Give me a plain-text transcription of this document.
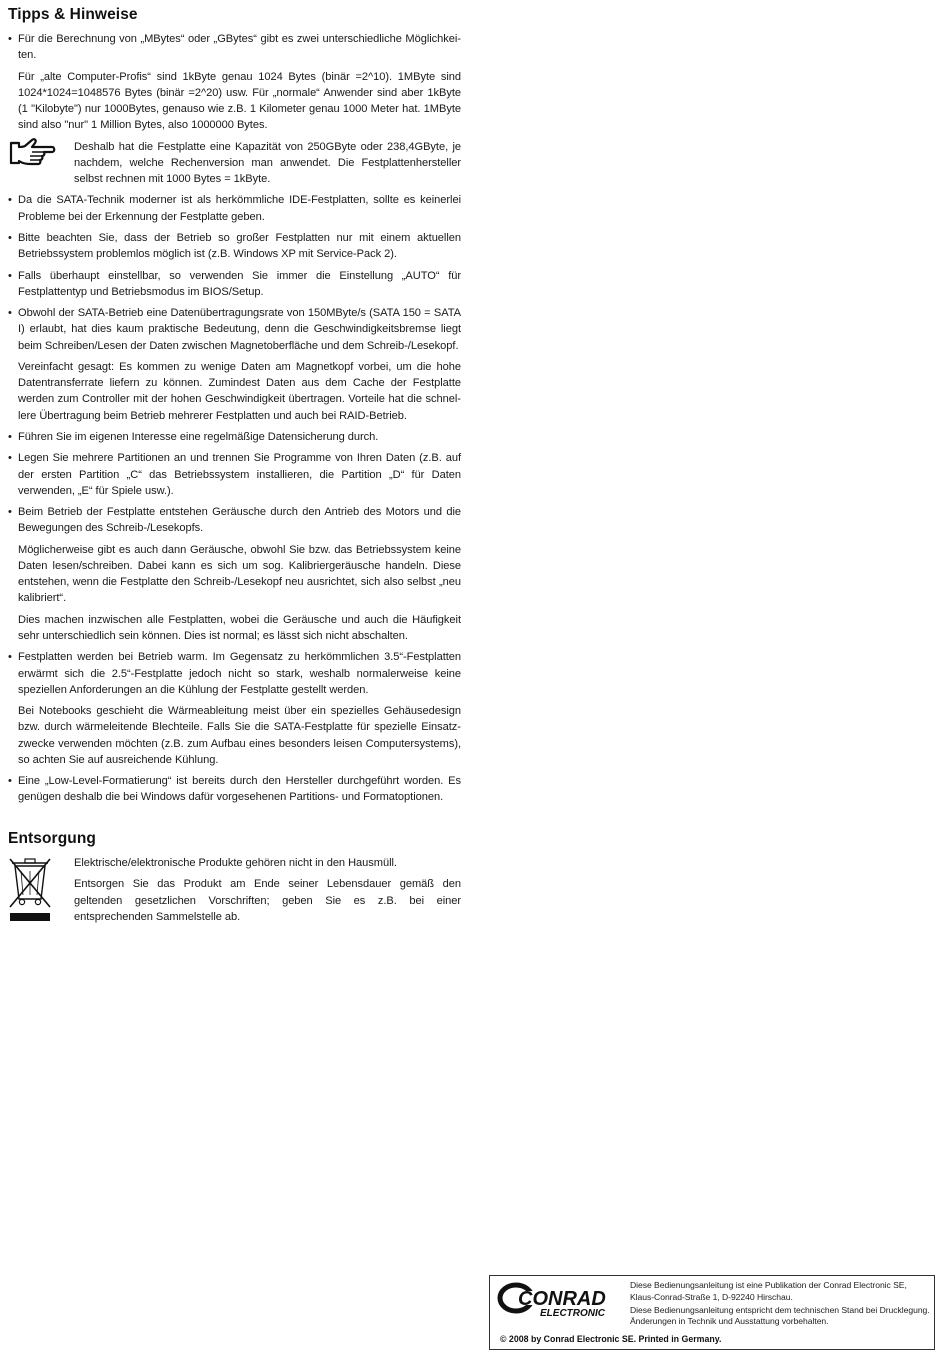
Tipps & Hinweise

• Für die Berechnung von „MBytes“ oder „GBytes“ gibt es zwei unterschiedliche Möglichkeiten.

Für „alte Computer-Profis“ sind 1kByte genau 1024 Bytes (binär =2^10). 1MByte sind 1024*1024=1048576 Bytes (binär =2^20) usw. Für „normale“ Anwender sind aber 1kByte (1 "Kilobyte") nur 1000Bytes, genauso wie z.B. 1 Kilometer genau 1000 Meter hat. 1MByte sind also "nur" 1 Million Bytes, also 1000000 Bytes.

Deshalb hat die Festplatte eine Kapazität von 250GByte oder 238,4GByte, je nachdem, welche Rechenversion man anwendet. Die Festplattenhersteller selbst rechnen mit 1000 Bytes = 1kByte.

• Da die SATA-Technik moderner ist als herkömmliche IDE-Festplatten, sollte es keinerlei Probleme bei der Erkennung der Festplatte geben.

• Bitte beachten Sie, dass der Betrieb so großer Festplatten nur mit einem aktuellen Betriebssystem problemlos möglich ist (z.B. Windows XP mit Service-Pack 2).

• Falls überhaupt einstellbar, so verwenden Sie immer die Einstellung „AUTO“ für Festplattentyp und Betriebsmodus im BIOS/Setup.

• Obwohl der SATA-Betrieb eine Datenübertragungsrate von 150MByte/s (SATA 150 = SATA I) erlaubt, hat dies kaum praktische Bedeutung, denn die Geschwindigkeitsbremse liegt beim Schreiben/Lesen der Daten zwischen Magnetoberfläche und dem Schreib-/Lesekopf.

Vereinfacht gesagt: Es kommen zu wenige Daten am Magnetkopf vorbei, um die hohe Datentransferrate liefern zu können. Zumindest Daten aus dem Cache der Festplatte werden zum Controller mit der hohen Geschwindigkeit übertragen. Vorteile hat die schnellere Übertragung beim Betrieb mehrerer Festplatten und auch bei RAID-Betrieb.

• Führen Sie im eigenen Interesse eine regelmäßige Datensicherung durch.

• Legen Sie mehrere Partitionen an und trennen Sie Programme von Ihren Daten (z.B. auf der ersten Partition „C“ das Betriebssystem installieren, die Partition „D“ für Daten verwenden, „E“ für Spiele usw.).

• Beim Betrieb der Festplatte entstehen Geräusche durch den Antrieb des Motors und die Bewegungen des Schreib-/Lesekopfs.

Möglicherweise gibt es auch dann Geräusche, obwohl Sie bzw. das Betriebssystem keine Daten lesen/schreiben. Dabei kann es sich um sog. Kalibriergeräusche handeln. Diese entstehen, wenn die Festplatte den Schreib-/Lesekopf neu ausrichtet, sich also selbst „neu kalibriert“.

Dies machen inzwischen alle Festplatten, wobei die Geräusche und auch die Häufigkeit sehr unterschiedlich sein können. Dies ist normal; es lässt sich nicht abschalten.

• Festplatten werden bei Betrieb warm. Im Gegensatz zu herkömmlichen 3.5“-Festplatten erwärmt sich die 2.5“-Festplatte jedoch nicht so stark, weshalb normalerweise keine speziellen Anforderungen an die Kühlung der Festplatte gestellt werden.

Bei Notebooks geschieht die Wärmeableitung meist über ein spezielles Gehäusedesign bzw. durch wärmeleitende Blechteile. Falls Sie die SATA-Festplatte für spezielle Einsatzzwecke verwenden möchten (z.B. zum Aufbau eines besonders leisen Computersystems), so achten Sie auf ausreichende Kühlung.

• Eine „Low-Level-Formatierung“ ist bereits durch den Hersteller durchgeführt worden. Es genügen deshalb die bei Windows dafür vorgesehenen Partitions- und Formatoptionen.

Entsorgung

Elektrische/elektronische Produkte gehören nicht in den Hausmüll.

Entsorgen Sie das Produkt am Ende seiner Lebensdauer gemäß den geltenden gesetzlichen Vorschriften; geben Sie es z.B. bei einer entsprechenden Sammelstelle ab.

CONRAD
ELECTRONIC

Diese Bedienungsanleitung ist eine Publikation der Conrad Electronic SE, Klaus-Conrad-Straße 1, D-92240 Hirschau.

Diese Bedienungsanleitung entspricht dem technischen Stand bei Drucklegung. Änderungen in Technik und Ausstattung vorbehalten.

© 2008 by Conrad Electronic SE. Printed in Germany.
